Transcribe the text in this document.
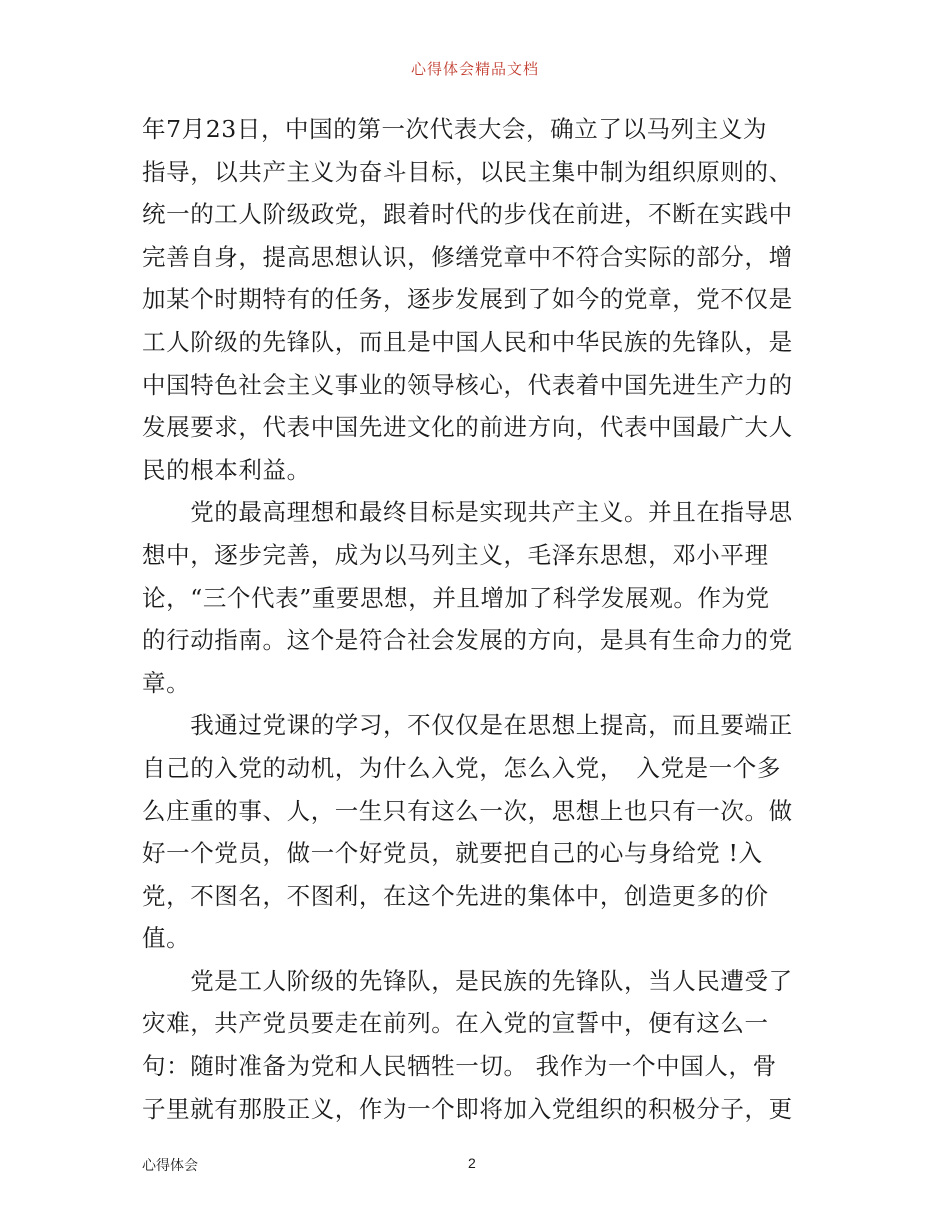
心得体会精品文档
年7月23日，中国的第一次代表大会，确立了以马列主义为
指导，以共产主义为奋斗目标，以民主集中制为组织原则的、
统一的工人阶级政党，跟着时代的步伐在前进，不断在实践中
完善自身，提高思想认识，修缮党章中不符合实际的部分，增
加某个时期特有的任务，逐步发展到了如今的党章，党不仅是
工人阶级的先锋队，而且是中国人民和中华民族的先锋队，是
中国特色社会主义事业的领导核心，代表着中国先进生产力的
发展要求，代表中国先进文化的前进方向，代表中国最广大人
民的根本利益。
　　党的最高理想和最终目标是实现共产主义。并且在指导思
想中，逐步完善，成为以马列主义，毛泽东思想，邓小平理
论，“三个代表”重要思想，并且增加了科学发展观。作为党
的行动指南。这个是符合社会发展的方向，是具有生命力的党
章。
　　我通过党课的学习，不仅仅是在思想上提高，而且要端正
自己的入党的动机，为什么入党，怎么入党，　入党是一个多
么庄重的事、人，一生只有这么一次，思想上也只有一次。做
好一个党员，做一个好党员，就要把自己的心与身给党 !入
党，不图名，不图利，在这个先进的集体中，创造更多的价
值。
　　党是工人阶级的先锋队，是民族的先锋队，当人民遭受了
灾难，共产党员要走在前列。在入党的宣誓中，便有这么一
句：随时准备为党和人民牺牲一切。 我作为一个中国人，骨
子里就有那股正义，作为一个即将加入党组织的积极分子，更
心得体会	2
